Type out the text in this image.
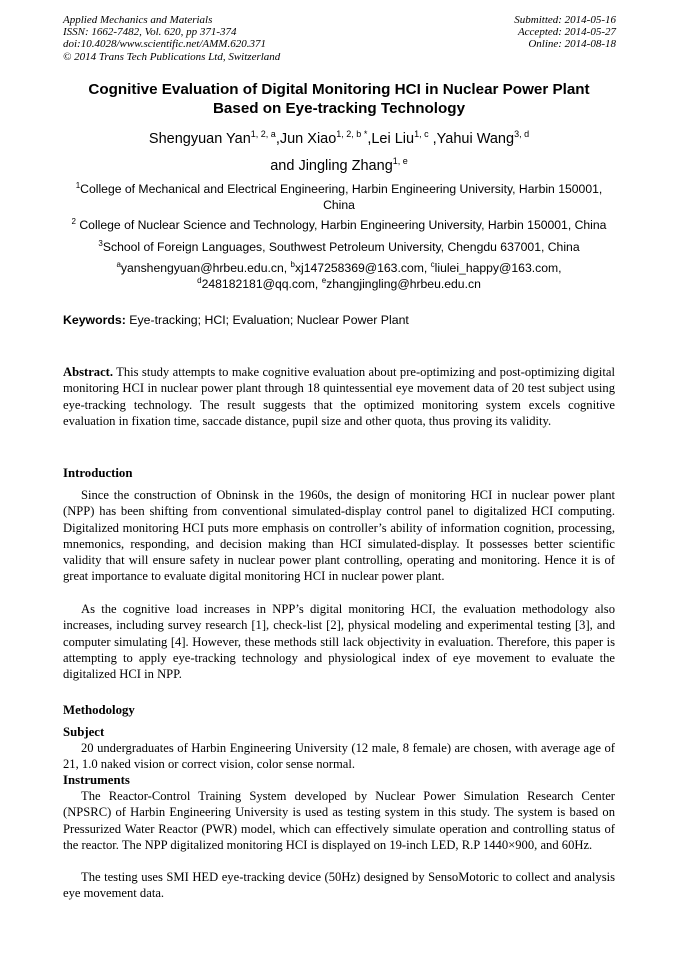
Applied Mechanics and Materials
ISSN: 1662-7482, Vol. 620, pp 371-374
doi:10.4028/www.scientific.net/AMM.620.371
© 2014 Trans Tech Publications Ltd, Switzerland
Submitted: 2014-05-16
Accepted: 2014-05-27
Online: 2014-08-18
Cognitive Evaluation of Digital Monitoring HCI in Nuclear Power Plant
Based on Eye-tracking Technology
Shengyuan Yan$^{1, 2, a}$,Jun Xiao$^{1, 2, b *}$,Lei Liu$^{1, c}$ ,Yahui Wang$^{3, d}$
and Jingling Zhang$^{1, e}$
$^1$College of Mechanical and Electrical Engineering, Harbin Engineering University, Harbin 150001,
China
$^2$ College of Nuclear Science and Technology, Harbin Engineering University, Harbin 150001, China
$^3$School of Foreign Languages, Southwest Petroleum University, Chengdu 637001, China
$^a$yanshengyuan@hrbeu.edu.cn, $^b$xj147258369@163.com, $^c$liulei_happy@163.com,
$^d$248182181@qq.com, $^e$zhangjingling@hrbeu.edu.cn
Keywords: Eye-tracking; HCI; Evaluation; Nuclear Power Plant
Abstract. This study attempts to make cognitive evaluation about pre-optimizing and post-optimizing digital monitoring HCI in nuclear power plant through 18 quintessential eye movement data of 20 test subject using eye-tracking technology. The result suggests that the optimized monitoring system excels cognitive evaluation in fixation time, saccade distance, pupil size and other quota, thus proving its validity.
Introduction
Since the construction of Obninsk in the 1960s, the design of monitoring HCI in nuclear power plant (NPP) has been shifting from conventional simulated-display control panel to digitalized HCI computing. Digitalized monitoring HCI puts more emphasis on controller’s ability of information cognition, processing, mnemonics, responding, and decision making than HCI simulated-display. It possesses better scientific validity that will ensure safety in nuclear power plant controlling, operating and monitoring. Hence it is of great importance to evaluate digital monitoring HCI in nuclear power plant.
As the cognitive load increases in NPP’s digital monitoring HCI, the evaluation methodology also increases, including survey research [1], check-list [2], physical modeling and experimental testing [3], and computer simulating [4]. However, these methods still lack objectivity in evaluation. Therefore, this paper is attempting to apply eye-tracking technology and physiological index of eye movement to evaluate the digitalized HCI in NPP.
Methodology
Subject
20 undergraduates of Harbin Engineering University (12 male, 8 female) are chosen, with average age of 21, 1.0 naked vision or correct vision, color sense normal.
Instruments
The Reactor-Control Training System developed by Nuclear Power Simulation Research Center (NPSRC) of Harbin Engineering University is used as testing system in this study. The system is based on Pressurized Water Reactor (PWR) model, which can effectively simulate operation and controlling status of the reactor. The NPP digitalized monitoring HCI is displayed on 19-inch LED, R.P 1440×900, and 60Hz.
The testing uses SMI HED eye-tracking device (50Hz) designed by SensoMotoric to collect and analysis eye movement data.
